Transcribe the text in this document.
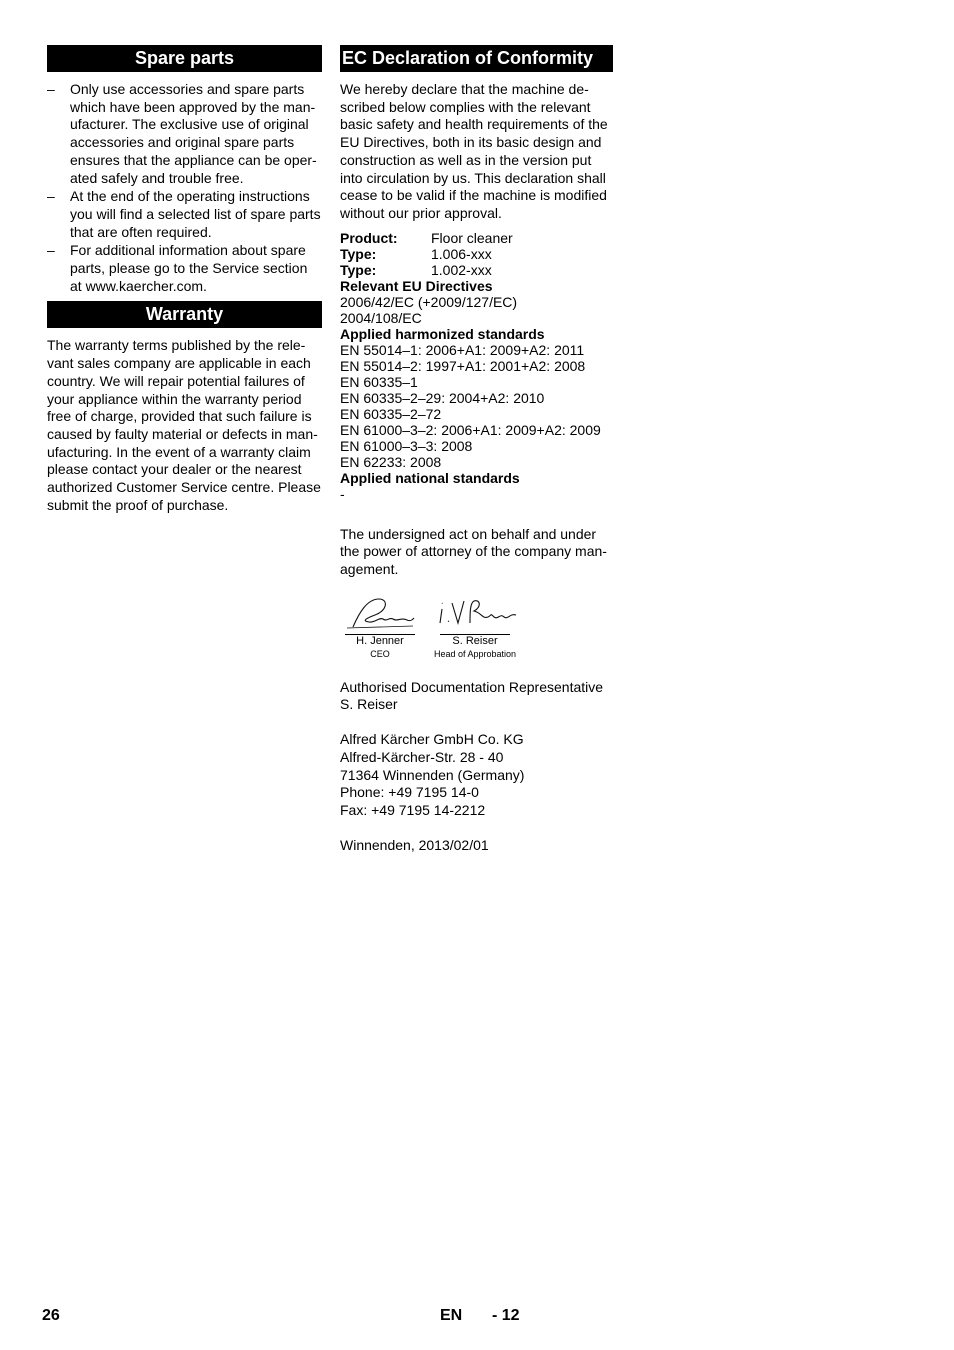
Spare parts
– Only use accessories and spare parts which have been approved by the man-ufacturer. The exclusive use of original accessories and original spare parts ensures that the appliance can be oper-ated safely and trouble free.
– At the end of the operating instructions you will find a selected list of spare parts that are often required.
– For additional information about spare parts, please go to the Service section at www.kaercher.com.
Warranty

The warranty terms published by the rele-vant sales company are applicable in each country. We will repair potential failures of your appliance within the warranty period free of charge, provided that such failure is caused by faulty material or defects in man-ufacturing. In the event of a warranty claim please contact your dealer or the nearest authorized Customer Service centre. Please submit the proof of purchase.

EC Declaration of Conformity

We hereby declare that the machine de-scribed below complies with the relevant basic safety and health requirements of the EU Directives, both in its basic design and construction as well as in the version put into circulation by us. This declaration shall cease to be valid if the machine is modified without our prior approval.

Product:	Floor cleaner
Type:	1.006-xxx
Type:	1.002-xxx
Relevant EU Directives
2006/42/EC (+2009/127/EC)
2004/108/EC
Applied harmonized standards
EN 55014–1: 2006+A1: 2009+A2: 2011
EN 55014–2: 1997+A1: 2001+A2: 2008
EN 60335–1
EN 60335–2–29: 2004+A2: 2010
EN 60335–2–72
EN 61000–3–2: 2006+A1: 2009+A2: 2009
EN 61000–3–3: 2008
EN 62233: 2008
Applied national standards
-

The undersigned act on behalf and under the power of attorney of the company man-agement.

H. Jenner
CEO
S. Reiser
Head of Approbation
Authorised Documentation Representative
S. Reiser
Alfred Kärcher GmbH Co. KG
Alfred-Kärcher-Str. 28 - 40
71364 Winnenden (Germany)
Phone: +49 7195 14-0
Fax: +49 7195 14-2212
Winnenden, 2013/02/01
26	EN - 12
